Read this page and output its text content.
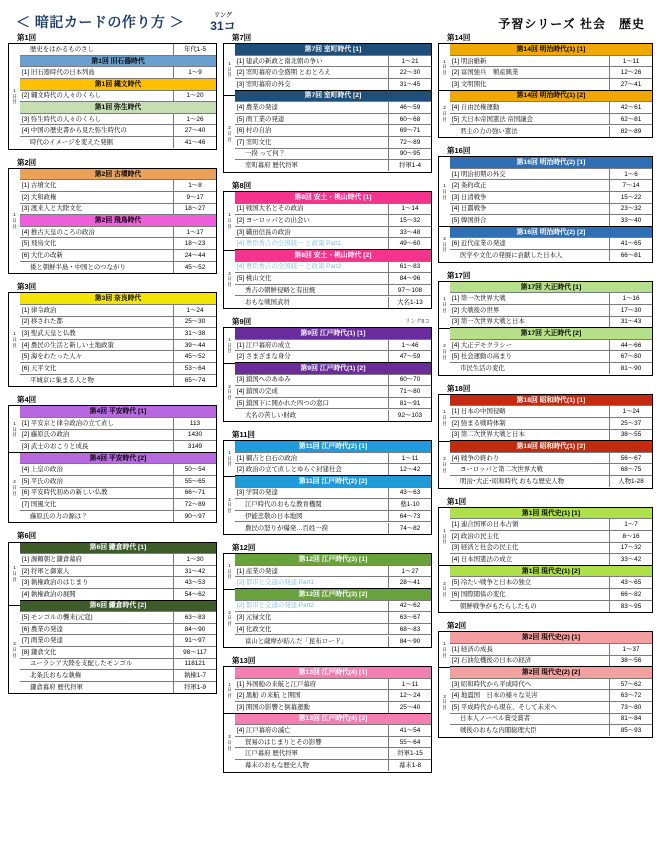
＜ 暗記カードの作り方 ＞	リング
31コ	予習シリーズ 社会　歴史
第1回
1
日
目
歴史をはかるものさし	年代1-5
第1回 旧石器時代
[1] 旧石器時代の日本列島	1〜9
第1回 縄文時代
[2] 縄文時代の人々のくらし	1〜20
第1回 弥生時代
[3] 弥生時代の人々のくらし	1〜26
[4] 中国の歴史書から見た弥生時代の	27〜40
時代のイメージを変えた発掘	41〜46
第2回
1
日
目
第2回 古墳時代
[1] 古墳文化	1〜8
[2] 大和政権	9〜17
[3] 渡来人と大陸文化	18〜27
第2回 飛鳥時代
[4] 推古天皇のころの政治	1〜17
[5] 飛鳥文化	18〜23
[6] 大化の改新	24〜44
倭と朝鮮半島・中国とのつながり	45〜52
第3回
1
日
目
第3回 奈良時代
[1] 律令政治	1〜24
[2] 移された都	25〜30
[3] 聖武天皇と仏教	31〜38
[4] 農民の生活と新しい土地政策	39〜44
[5] 海をわたった人々	45〜52
[6] 天平文化	53〜64
平城京に集まる人と物	65〜74
第4回
1
日
目
2
日
目
第4回 平安時代 [1]
[1] 平安京と律令政治の立て直し	113
[2] 藤原氏の政治	1430
[3] 武士のおこりと成長	3149
第4回 平安時代 [2]
[4] 上皇の政治	50〜54
[5] 平氏の政治	55〜65
[6] 平安時代初めの新しい仏教	66〜71
[7] 国風文化	72〜89
藤原氏の力の源は？	90〜97
第6回
1
日
目
2
日
目
第6回 鎌倉時代 [1]
[1] 源頼朝と鎌倉幕府	1〜30
[2] 将軍と御家人	31〜42
[3] 執権政治のはじまり	43〜53
[4] 執権政治の展開	54〜62
第6回 鎌倉時代 [2]
[5] モンゴルの襲来(元寇)	63〜83
[6] 農業の発達	84〜90
[7] 商業の発達	91〜97
[8] 鎌倉文化	98〜117
ユーラシア大陸を支配したモンゴル	118121
北条氏おもな執権	執権1-7
鎌倉幕府 歴代将軍	将軍1-9
第7回
1
日
目
2
日
目
第7回 室町時代 [1]
[1] 建武の新政と南北朝の争い	1〜21
[2] 室町幕府の全盛期 とおとろえ	22〜30
[3] 室町幕府の外交	31〜45
第7回 室町時代 [2]
[4] 農業の発達	46〜59
[5] 商工業の発達	60〜68
[6] 村の自治	69〜71
[7] 室町文化	72〜89
一揆 って何？	90〜95
室町幕府 歴代将軍	将軍1-4
第8回
1
日
目
2
日
目
第8回 安土・桃山時代 [1]
[1] 戦国大名とその政治	1〜14
[2] ヨーロッパとの出会い	15〜32
[3] 織田信長の政治	33〜48
[4] 豊臣秀吉の全国統一 と政策 Part1	49〜60
第8回 安土・桃山時代 [2]
[4] 豊臣秀吉の全国統一 と政策 Part2	61〜83
[5] 桃山文化	84〜96
秀吉の朝鮮侵略と有田焼	97〜108
おもな戦国武将	大名1-13
第9回	リング8コ
1
日
目
2
日
目
第9回 江戸時代(1) [1]
[1] 江戸幕府の成立	1〜46
[2] さまざまな身分	47〜59
第9回 江戸時代(1) [2]
[3] 鎖国へのあゆみ	60〜70
[4] 鎖国の完成	71〜80
[5] 鎖国下に開かれた四つの窓口	81〜91
大名の苦しい財政	92〜103
第11回
1
日
目
2
日
目
第11回 江戸時代(2) [1]
[1] 綱吉と白石の政治	1〜11
[2] 政治の立て直しとゆらぐ封建社会	12〜42
第11回 江戸時代(2) [2]
[3] 学問の発達	43〜63
江戸時代のおもな教育機関	塾1-10
伊能忠敬の日本地図	64〜73
農民の怒りが爆発…百姓一揆	74〜82
第12回
1
日
目
2
日
目
第12回 江戸時代(3) [1]
[1] 産業の発達	1〜27
[2] 都市と交通の発達 Part1	28〜41
第12回 江戸時代(3) [2]
[2] 都市と交通の発達 Part2	42〜62
[3] 元禄文化	63〜67
[4] 化政文化	68〜83
富山と薩摩が結んだ「昆布ロード」	84〜90
第13回
1
日
目
2
日
目
第13回 江戸時代(4) [1]
[1] 外国船の来航と江戸幕府	1〜11
[2] 黒船 の来航 と開国	12〜24
[3] 開国の影響と倒幕運動	25〜40
第13回 江戸時代(4) [2]
[4] 江戸幕府の滅亡	41〜54
貿易のはじまりとその影響	55〜64
江戸幕府 歴代将軍	将軍1-15
幕末のおもな歴史人物	幕末1-8
第14回
1
日
目
2
日
目
第14回 明治時代(1) [1]
[1] 明治維新	1〜11
[2] 富国強兵　殖産興業	12〜26
[3] 文明開化	27〜41
第14回 明治時代(1) [2]
[4] 自由民権運動	42〜61
[5] 大日本帝国憲法 帝国議会	62〜81
君主の力の強い憲法	82〜89
第16回
1
日
目
2
日
目
第16回 明治時代(2) [1]
[1] 明治初期の外交	1〜6
[2] 条約改正	7〜14
[3] 日清戦争	15〜22
[4] 日露戦争	23〜32
[5] 韓国併合	33〜40
第16回 明治時代(2) [2]
[6] 近代産業の発達	41〜65
医学や文化の発展に貢献した日本人	66〜81
第17回
1
日
目
2
日
目
第17回 大正時代 [1]
[1] 第一次世界大戦	1〜16
[2] 大戦後の世界	17〜30
[3] 第一次世界大戦と日本	31〜43
第17回 大正時代 [2]
[4] 大正デモクラシー	44〜66
[5] 社会運動の高まり	67〜80
市民生活の変化	81〜90
第18回
1
日
目
2
日
目
第18回 昭和時代(1) [1]
[1] 日本の中国侵略	1〜24
[2] 強まる戦時体制	25〜37
[3] 第二次世界大戦と日本	38〜55
第18回 昭和時代(1) [2]
[4] 戦争の終わり	56〜67
ヨーロッパと第二次世界大戦	68〜75
明治･大正･昭和時代 おもな歴史人物	人物1-28
第1回
1
日
目
2
日
目
第1回 現代史(1) [1]
[1] 連合国軍の日本占領	1〜7
[2] 政治の民主化	8〜16
[3] 経済と社会の民主化	17〜32
[4] 日本国憲法の成立	33〜42
第1回 現代史(1) [2]
[5] 冷たい戦争と日本の独立	43〜65
[6] 国際関係の変化	66〜82
朝鮮戦争がもたらしたもの	83〜95
第2回
1
日
目
2
日
目
第2回 現代史(2) [1]
[1] 経済の成長	1〜37
[2] 石油危機後の日本の経済	38〜56
第2回 現代史(2) [2]
[3] 昭和時代から平成時代へ	57〜62
[4] 地震国　日本の様々な災害	63〜72
[5] 平成時代から現在、そして未来へ	73〜80
日本人ノーベル賞受賞者	81〜84
戦後のおもな内閣総理大臣	85〜93
